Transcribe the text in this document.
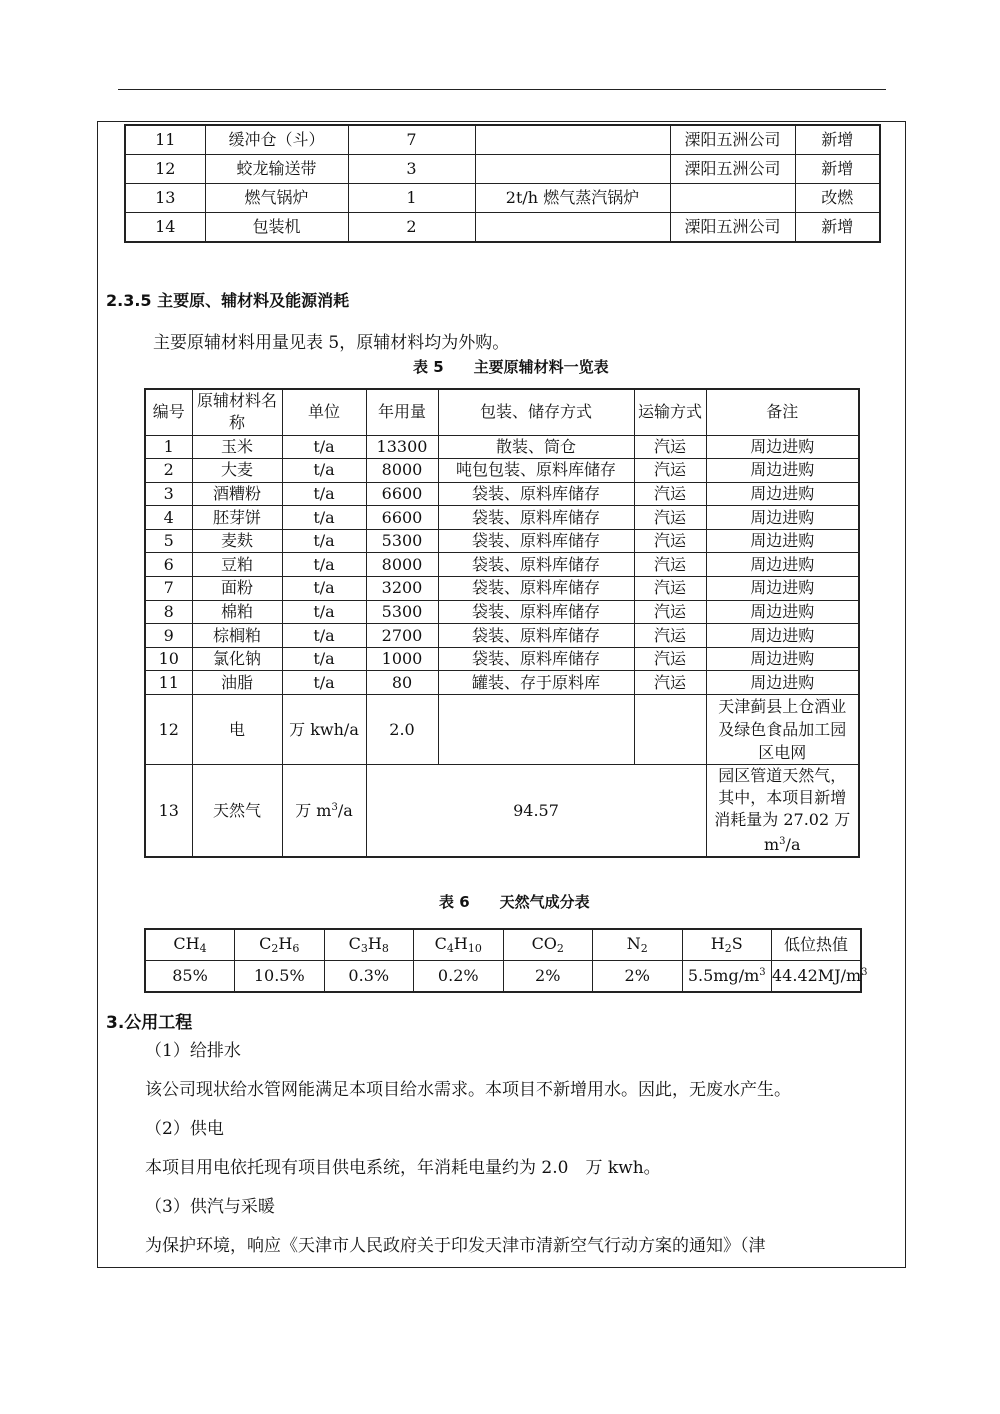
11	缓冲仓（斗）	7		溧阳五洲公司	新增
12	蛟龙输送带	3		溧阳五洲公司	新增
13	燃气锅炉	1	2t/h 燃气蒸汽锅炉		改燃
14	包装机	2		溧阳五洲公司	新增
2.3.5 主要原、辅材料及能源消耗
主要原辅材料用量见表 5，原辅材料均为外购。
表 5　　主要原辅材料一览表
编号	原辅材料名称	单位	年用量	包装、储存方式	运输方式	备注
1	玉米	t/a	13300	散装、筒仓	汽运	周边进购
2	大麦	t/a	8000	吨包包装、原料库储存	汽运	周边进购
3	酒糟粉	t/a	6600	袋装、原料库储存	汽运	周边进购
4	胚芽饼	t/a	6600	袋装、原料库储存	汽运	周边进购
5	麦麸	t/a	5300	袋装、原料库储存	汽运	周边进购
6	豆粕	t/a	8000	袋装、原料库储存	汽运	周边进购
7	面粉	t/a	3200	袋装、原料库储存	汽运	周边进购
8	棉粕	t/a	5300	袋装、原料库储存	汽运	周边进购
9	棕榈粕	t/a	2700	袋装、原料库储存	汽运	周边进购
10	氯化钠	t/a	1000	袋装、原料库储存	汽运	周边进购
11	油脂	t/a	80	罐装、存于原料库	汽运	周边进购
12	电	万 kwh/a	2.0			天津蓟县上仓酒业及绿色食品加工园区电网
13	天然气	万 $m^3/a$	94.57			园区管道天然气，其中，本项目新增消耗量为 27.02 万 $m^3/a$
表 6　　天然气成分表
$CH_4$	$C_2H_6$	$C_3H_8$	$C_4H_{10}$	$CO_2$	$N_2$	$H_2S$	低位热值
85%	10.5%	0.3%	0.2%	2%	2%	$5.5mg/m^3$	$44.42MJ/m^3$
3.公用工程
（1）给排水
该公司现状给水管网能满足本项目给水需求。本项目不新增用水。因此，无废水产生。
（2）供电
本项目用电依托现有项目供电系统，年消耗电量约为 2.0　万 kwh。
（3）供汽与采暖
为保护环境，响应《天津市人民政府关于印发天津市清新空气行动方案的通知》（津
